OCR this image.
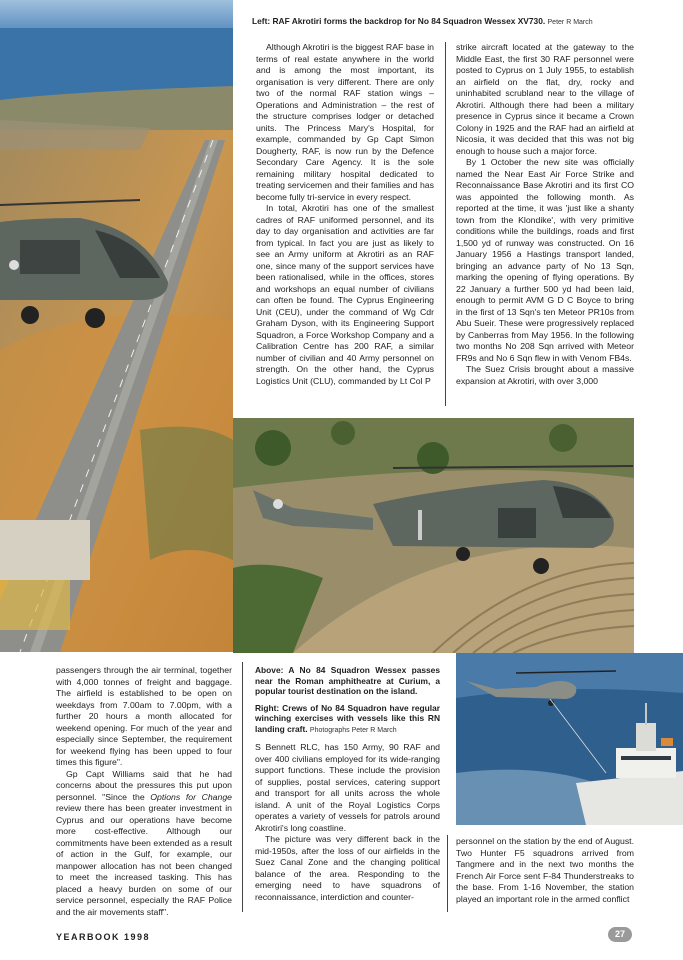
Left: RAF Akrotiri forms the backdrop for No 84 Squadron Wessex XV730. Peter R March

Although Akrotiri is the biggest RAF base in terms of real estate anywhere in the world and is among the most important, its organisation is very different. There are only two of the normal RAF station wings – Operations and Administration – the rest of the structure comprises lodger or detached units. The Princess Mary's Hospital, for example, commanded by Gp Capt Simon Dougherty, RAF, is now run by the Defence Secondary Care Agency. It is the sole remaining military hospital dedicated to treating servicemen and their families and has become fully tri-service in every respect.

In total, Akrotiri has one of the smallest cadres of RAF uniformed personnel, and its day to day organisation and activities are far from typical. In fact you are just as likely to see an Army uniform at Akrotiri as an RAF one, since many of the support services have been rationalised, while in the offices, stores and workshops an equal number of civilians can often be found. The Cyprus Engineering Unit (CEU), under the command of Wg Cdr Graham Dyson, with its Engineering Support Squadron, a Force Workshop Company and a Calibration Centre has 200 RAF, a similar number of civilian and 40 Army personnel on strength. On the other hand, the Cyprus Logistics Unit (CLU), commanded by Lt Col P

strike aircraft located at the gateway to the Middle East, the first 30 RAF personnel were posted to Cyprus on 1 July 1955, to establish an airfield on the flat, dry, rocky and uninhabited scrubland near to the village of Akrotiri. Although there had been a military presence in Cyprus since it became a Crown Colony in 1925 and the RAF had an airfield at Nicosia, it was decided that this was not big enough to house such a major force.

By 1 October the new site was officially named the Near East Air Force Strike and Reconnaissance Base Akrotiri and its first CO was appointed the following month. As reported at the time, it was 'just like a shanty town from the Klondike', with very primitive conditions while the buildings, roads and first 1,500 yd of runway was constructed. On 16 January 1956 a Hastings transport landed, bringing an advance party of No 13 Sqn, marking the opening of flying operations. By 22 January a further 500 yd had been laid, enough to permit AVM G D C Boyce to bring in the first of 13 Sqn's ten Meteor PR10s from Abu Sueir. These were progressively replaced by Canberras from May 1956. In the following two months No 208 Sqn arrived with Meteor FR9s and No 6 Sqn flew in with Venom FB4s.

The Suez Crisis brought about a massive expansion at Akrotiri, with over 3,000

passengers through the air terminal, together with 4,000 tonnes of freight and baggage. The airfield is established to be open on weekdays from 7.00am to 7.00pm, with a further 20 hours a month allocated for weekend opening. For much of the year and especially since September, the requirement for weekend flying has been upped to four times this figure".

Gp Capt Williams said that he had concerns about the pressures this put upon personnel. "Since the Options for Change review there has been greater investment in Cyprus and our operations have become more cost-effective. Although our commitments have been extended as a result of action in the Gulf, for example, our manpower allocation has not been changed to meet the increased tasking. This has placed a heavy burden on some of our service personnel, especially the RAF Police and the air movements staff".

Above: A No 84 Squadron Wessex passes near the Roman amphitheatre at Curium, a popular tourist destination on the island.
Right: Crews of No 84 Squadron have regular winching exercises with vessels like this RN landing craft. Photographs Peter R March

S Bennett RLC, has 150 Army, 90 RAF and over 400 civilians employed for its wide-ranging support functions. These include the provision of supplies, postal services, catering support and transport for all units across the whole island. A unit of the Royal Logistics Corps operates a variety of vessels for patrols around Akrotiri's long coastline.

The picture was very different back in the mid-1950s, after the loss of our airfields in the Suez Canal Zone and the changing political balance of the area. Responding to the emerging need to have squadrons of reconnaissance, interdiction and counter-

personnel on the station by the end of August. Two Hunter F5 squadrons arrived from Tangmere and in the next two months the French Air Force sent F-84 Thunderstreaks to the base. From 1-16 November, the station played an important role in the armed conflict

YEARBOOK 1998	27
